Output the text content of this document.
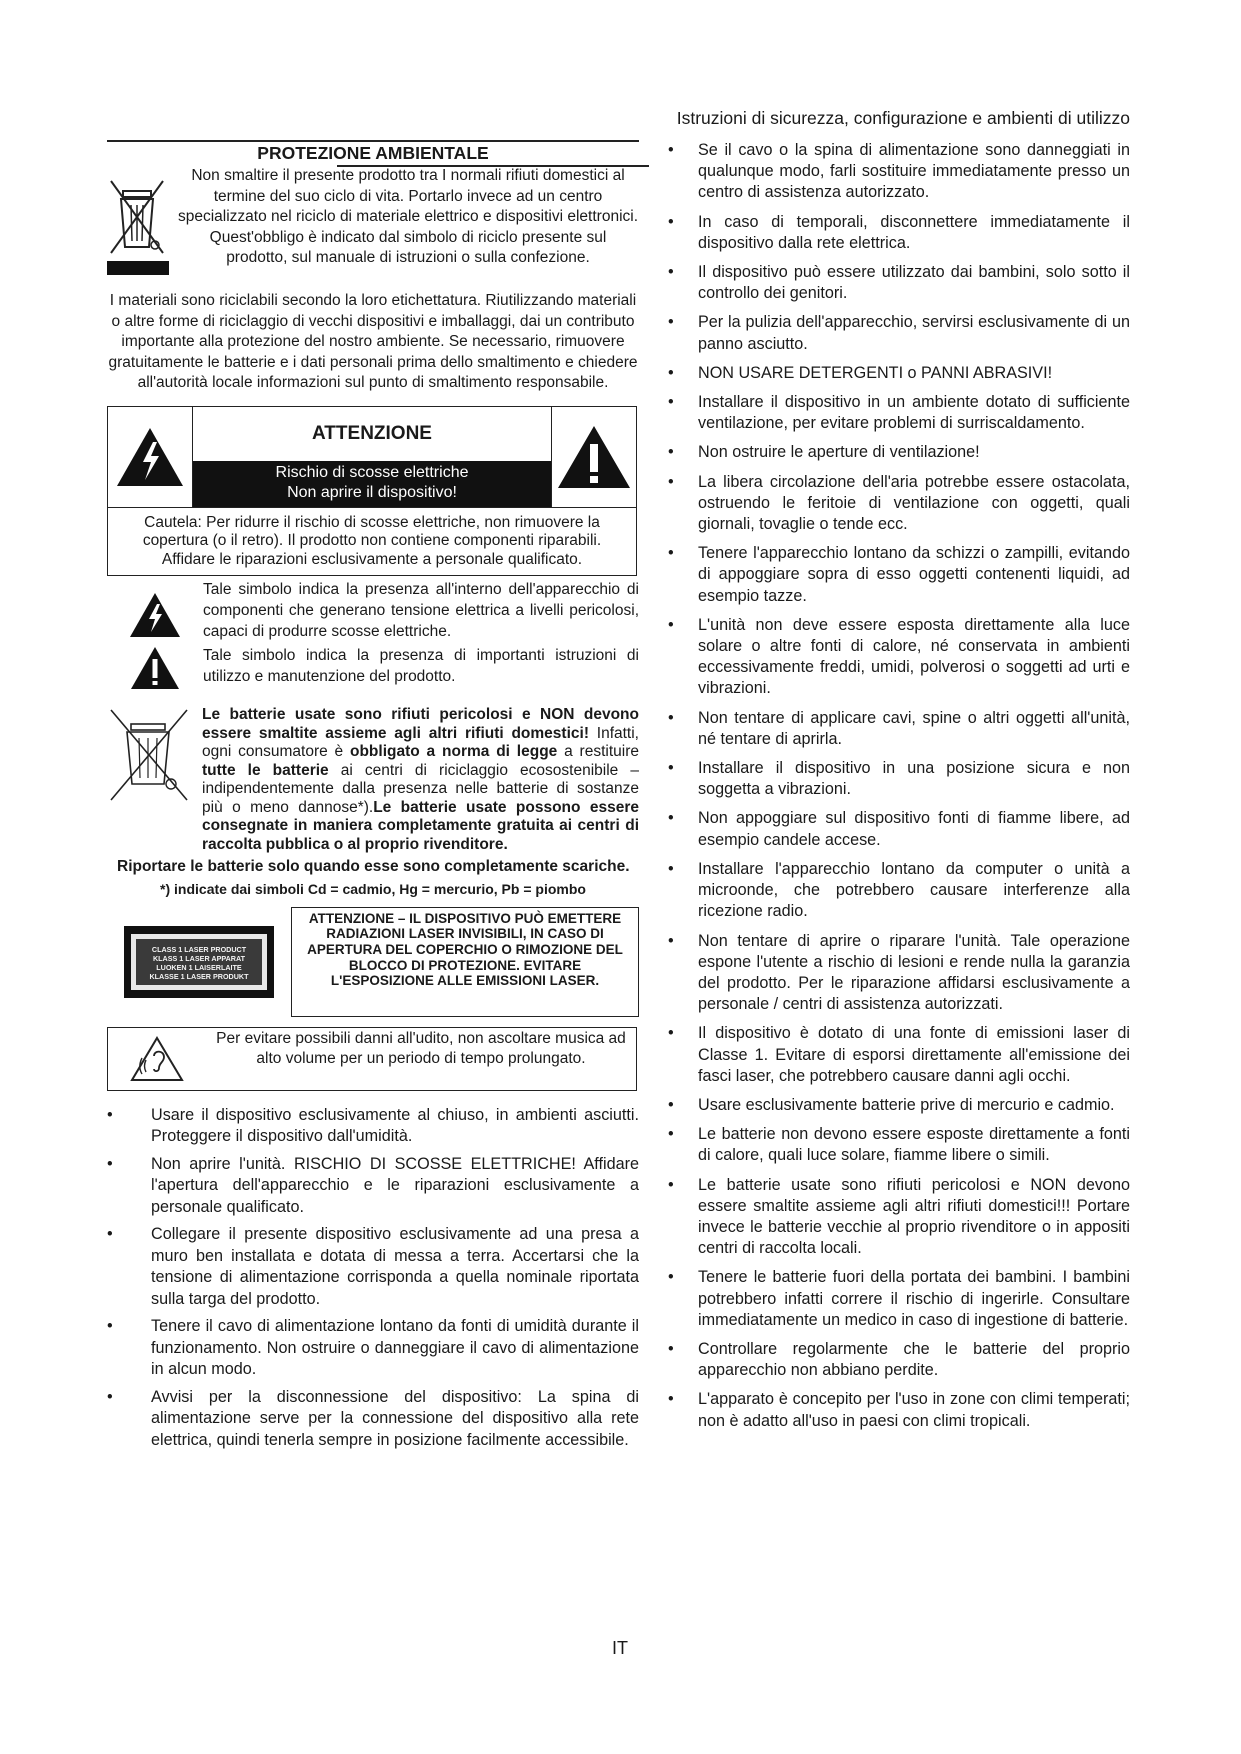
Istruzioni di sicurezza, configurazione e ambienti di utilizzo
PROTEZIONE AMBIENTALE
Non smaltire il presente prodotto tra I normali rifiuti domestici al termine del suo ciclo di vita. Portarlo invece ad un centro specializzato nel riciclo di materiale elettrico e dispositivi elettronici. Quest'obbligo è indicato dal simbolo di riciclo presente sul prodotto, sul manuale di istruzioni o sulla confezione.
I materiali sono riciclabili secondo la loro etichettatura. Riutilizzando materiali o altre forme di riciclaggio di vecchi dispositivi e imballaggi, dai un contributo importante alla protezione del nostro ambiente. Se necessario, rimuovere gratuitamente le batterie e i dati personali prima dello smaltimento e chiedere all'autorità locale informazioni sul punto di smaltimento responsabile.
ATTENZIONE
Rischio di scosse elettriche
Non aprire il dispositivo!
Cautela: Per ridurre il rischio di scosse elettriche, non rimuovere la copertura (o il retro). Il prodotto non contiene componenti riparabili. Affidare le riparazioni esclusivamente a personale qualificato.
Tale simbolo indica la presenza all'interno dell'apparecchio di componenti che generano tensione elettrica a livelli pericolosi, capaci di produrre scosse elettriche.
Tale simbolo indica la presenza di importanti istruzioni di utilizzo e manutenzione del prodotto.
Le batterie usate sono rifiuti pericolosi e NON devono essere smaltite assieme agli altri rifiuti domestici! Infatti, ogni consumatore è obbligato a norma di legge a restituire tutte le batterie ai centri di riciclaggio ecosostenibile – indipendentemente dalla presenza nelle batterie di sostanze più o meno dannose*).Le batterie usate possono essere consegnate in maniera completamente gratuita ai centri di raccolta pubblica o al proprio rivenditore.
Riportare le batterie solo quando esse sono completamente scariche.
*) indicate dai simboli Cd = cadmio, Hg = mercurio, Pb = piombo
CLASS 1 LASER PRODUCT
KLASS 1 LASER APPARAT
LUOKEN 1 LAISERLAITE
KLASSE 1 LASER PRODUKT
ATTENZIONE – IL DISPOSITIVO PUÒ EMETTERE RADIAZIONI LASER INVISIBILI, IN CASO DI APERTURA DEL COPERCHIO O RIMOZIONE DEL BLOCCO DI PROTEZIONE. EVITARE L'ESPOSIZIONE ALLE EMISSIONI LASER.
Per evitare possibili danni all'udito, non ascoltare musica ad alto volume per un periodo di tempo prolungato.
• Usare il dispositivo esclusivamente al chiuso, in ambienti asciutti. Proteggere il dispositivo dall'umidità.
• Non aprire l'unità. RISCHIO DI SCOSSE ELETTRICHE! Affidare l'apertura dell'apparecchio e le riparazioni esclusivamente a personale qualificato.
• Collegare il presente dispositivo esclusivamente ad una presa a muro ben installata e dotata di messa a terra. Accertarsi che la tensione di alimentazione corrisponda a quella nominale riportata sulla targa del prodotto.
• Tenere il cavo di alimentazione lontano da fonti di umidità durante il funzionamento. Non ostruire o danneggiare il cavo di alimentazione in alcun modo.
• Avvisi per la disconnessione del dispositivo: La spina di alimentazione serve per la connessione del dispositivo alla rete elettrica, quindi tenerla sempre in posizione facilmente accessibile.
• Se il cavo o la spina di alimentazione sono danneggiati in qualunque modo, farli sostituire immediatamente presso un centro di assistenza autorizzato.
• In caso di temporali, disconnettere immediatamente il dispositivo dalla rete elettrica.
• Il dispositivo può essere utilizzato dai bambini, solo sotto il controllo dei genitori.
• Per la pulizia dell'apparecchio, servirsi esclusivamente di un panno asciutto.
• NON USARE DETERGENTI o PANNI ABRASIVI!
• Installare il dispositivo in un ambiente dotato di sufficiente ventilazione, per evitare problemi di surriscaldamento.
• Non ostruire le aperture di ventilazione!
• La libera circolazione dell'aria potrebbe essere ostacolata, ostruendo le feritoie di ventilazione con oggetti, quali giornali, tovaglie o tende ecc.
• Tenere l'apparecchio lontano da schizzi o zampilli, evitando di appoggiare sopra di esso oggetti contenenti liquidi, ad esempio tazze.
• L'unità non deve essere esposta direttamente alla luce solare o altre fonti di calore, né conservata in ambienti eccessivamente freddi, umidi, polverosi o soggetti ad urti e vibrazioni.
• Non tentare di applicare cavi, spine o altri oggetti all'unità, né tentare di aprirla.
• Installare il dispositivo in una posizione sicura e non soggetta a vibrazioni.
• Non appoggiare sul dispositivo fonti di fiamme libere, ad esempio candele accese.
• Installare l'apparecchio lontano da computer o unità a microonde, che potrebbero causare interferenze alla ricezione radio.
• Non tentare di aprire o riparare l'unità. Tale operazione espone l'utente a rischio di lesioni e rende nulla la garanzia del prodotto. Per le riparazione affidarsi esclusivamente a personale / centri di assistenza autorizzati.
• Il dispositivo è dotato di una fonte di emissioni laser di Classe 1. Evitare di esporsi direttamente all'emissione dei fasci laser, che potrebbero causare danni agli occhi.
• Usare esclusivamente batterie prive di mercurio e cadmio.
• Le batterie non devono essere esposte direttamente a fonti di calore, quali luce solare, fiamme libere o simili.
• Le batterie usate sono rifiuti pericolosi e NON devono essere smaltite assieme agli altri rifiuti domestici!!! Portare invece le batterie vecchie al proprio rivenditore o in appositi centri di raccolta locali.
• Tenere le batterie fuori della portata dei bambini. I bambini potrebbero infatti correre il rischio di ingerirle. Consultare immediatamente un medico in caso di ingestione di batterie.
• Controllare regolarmente che le batterie del proprio apparecchio non abbiano perdite.
• L'apparato è concepito per l'uso in zone con climi temperati; non è adatto all'uso in paesi con climi tropicali.
IT
